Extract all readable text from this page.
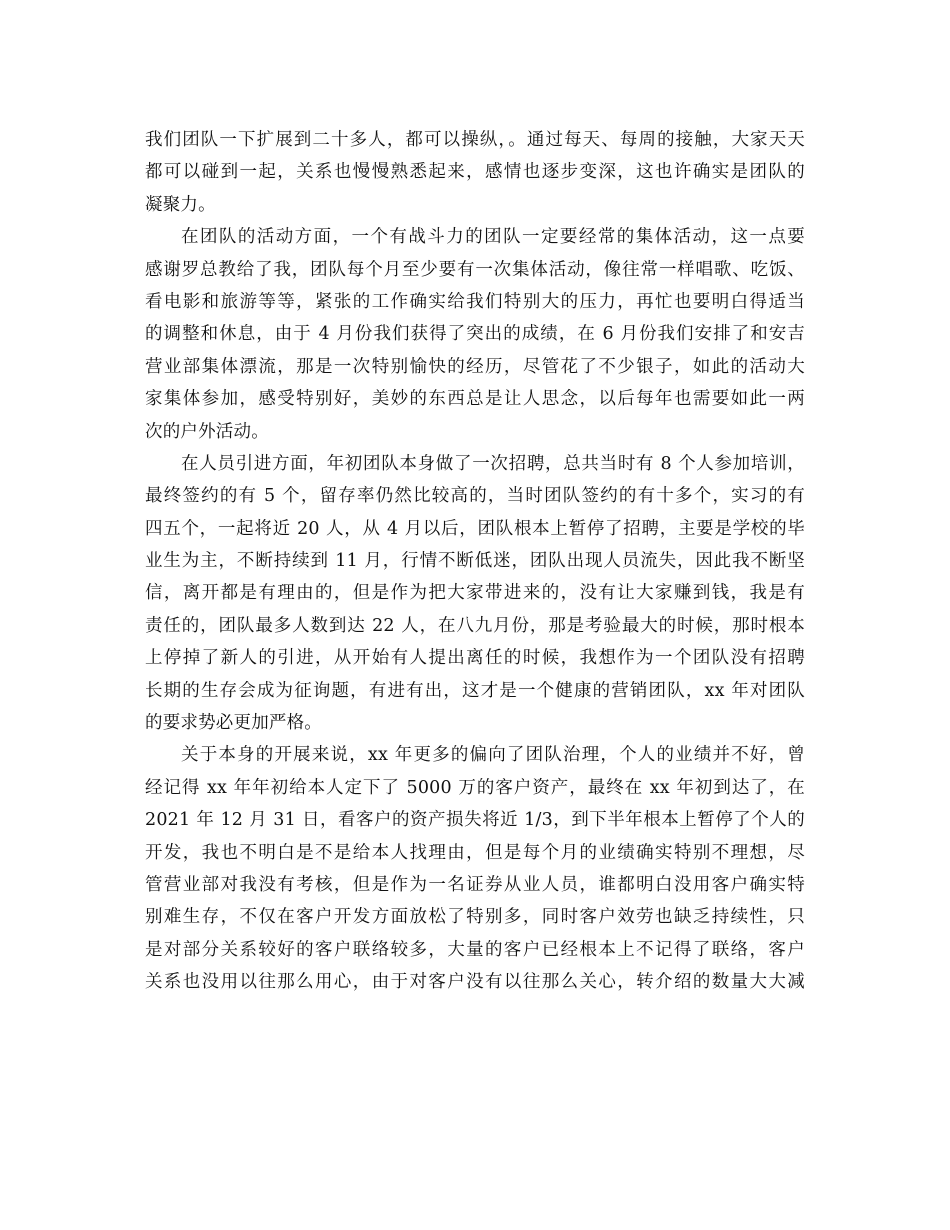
我们团队一下扩展到二十多人，都可以操纵，。通过每天、每周的接触，大家天天
都可以碰到一起，关系也慢慢熟悉起来，感情也逐步变深，这也许确实是团队的
凝聚力。
在团队的活动方面，一个有战斗力的团队一定要经常的集体活动，这一点要
感谢罗总教给了我，团队每个月至少要有一次集体活动，像往常一样唱歌、吃饭、
看电影和旅游等等，紧张的工作确实给我们特别大的压力，再忙也要明白得适当
的调整和休息，由于 4 月份我们获得了突出的成绩，在 6 月份我们安排了和安吉
营业部集体漂流，那是一次特别愉快的经历，尽管花了不少银子，如此的活动大
家集体参加，感受特别好，美妙的东西总是让人思念，以后每年也需要如此一两
次的户外活动。
在人员引进方面，年初团队本身做了一次招聘，总共当时有 8 个人参加培训，
最终签约的有 5 个，留存率仍然比较高的，当时团队签约的有十多个，实习的有
四五个，一起将近 20 人，从 4 月以后，团队根本上暂停了招聘，主要是学校的毕
业生为主，不断持续到 11 月，行情不断低迷，团队出现人员流失，因此我不断坚
信，离开都是有理由的，但是作为把大家带进来的，没有让大家赚到钱，我是有
责任的，团队最多人数到达 22 人，在八九月份，那是考验最大的时候，那时根本
上停掉了新人的引进，从开始有人提出离任的时候，我想作为一个团队没有招聘
长期的生存会成为征询题，有进有出，这才是一个健康的营销团队，xx 年对团队
的要求势必更加严格。
关于本身的开展来说，xx 年更多的偏向了团队治理，个人的业绩并不好，曾
经记得 xx 年年初给本人定下了 5000 万的客户资产，最终在 xx 年初到达了，在
2021 年 12 月 31 日，看客户的资产损失将近 1/3，到下半年根本上暂停了个人的
开发，我也不明白是不是给本人找理由，但是每个月的业绩确实特别不理想，尽
管营业部对我没有考核，但是作为一名证券从业人员，谁都明白没用客户确实特
别难生存，不仅在客户开发方面放松了特别多，同时客户效劳也缺乏持续性，只
是对部分关系较好的客户联络较多，大量的客户已经根本上不记得了联络，客户
关系也没用以往那么用心，由于对客户没有以往那么关心，转介绍的数量大大减
